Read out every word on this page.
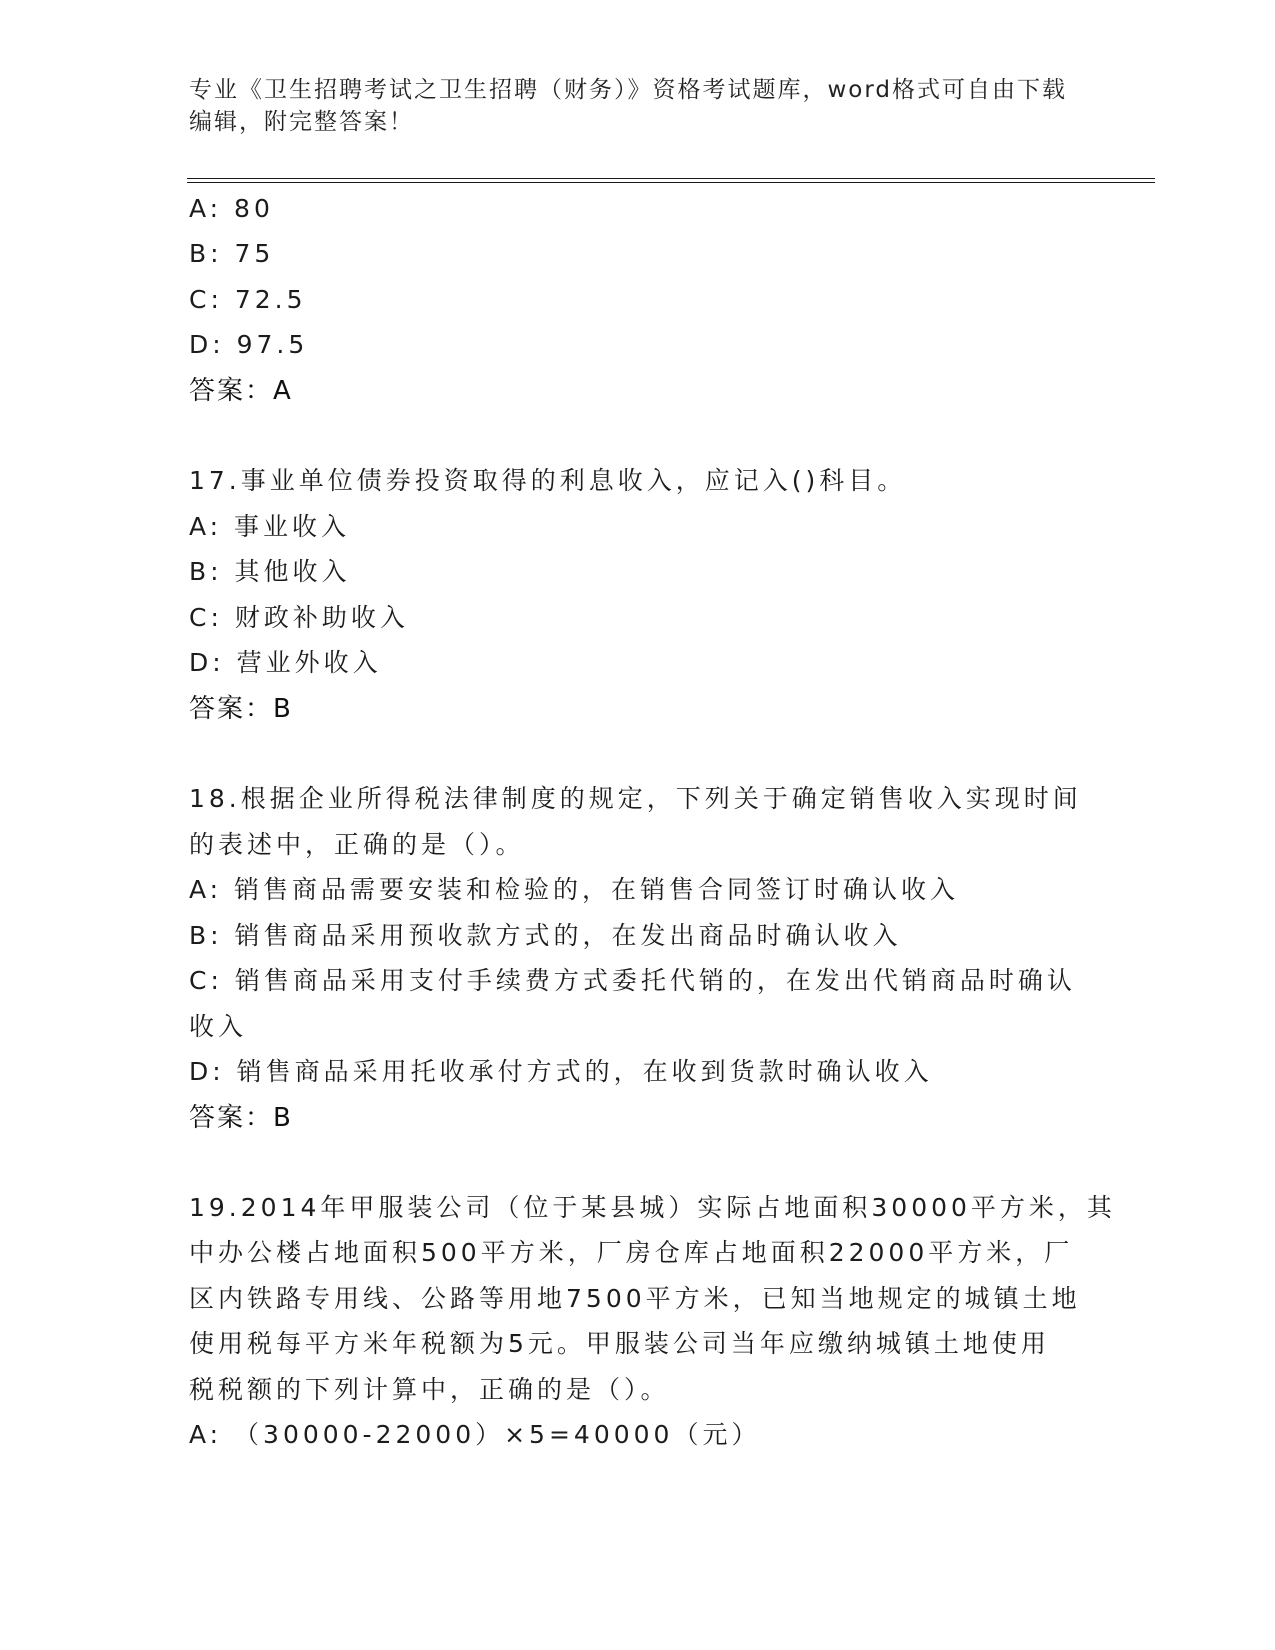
专业《卫生招聘考试之卫生招聘（财务）》资格考试题库，word格式可自由下载
编辑，附完整答案！
A: 80
B: 75
C: 72.5
D: 97.5
答案：A
17.事业单位债券投资取得的利息收入，应记入()科目。
A: 事业收入
B: 其他收入
C: 财政补助收入
D: 营业外收入
答案：B
18.根据企业所得税法律制度的规定，下列关于确定销售收入实现时间
的表述中，正确的是（）。
A: 销售商品需要安装和检验的，在销售合同签订时确认收入
B: 销售商品采用预收款方式的，在发出商品时确认收入
C: 销售商品采用支付手续费方式委托代销的，在发出代销商品时确认
收入
D: 销售商品采用托收承付方式的，在收到货款时确认收入
答案：B
19.2014年甲服装公司（位于某县城）实际占地面积30000平方米，其
中办公楼占地面积500平方米，厂房仓库占地面积22000平方米，厂
区内铁路专用线、公路等用地7500平方米，已知当地规定的城镇土地
使用税每平方米年税额为5元。甲服装公司当年应缴纳城镇土地使用
税税额的下列计算中，正确的是（）。
A: （30000-22000）×5=40000（元）
